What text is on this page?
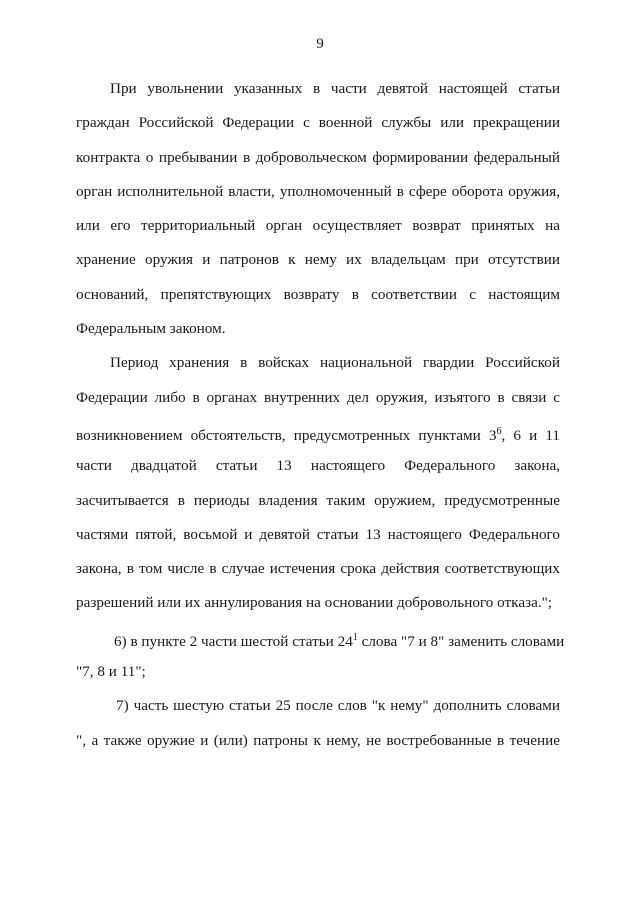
9
При увольнении указанных в части девятой настоящей статьи
граждан Российской Федерации с военной службы или прекращении
контракта о пребывании в добровольческом формировании федеральный
орган исполнительной власти, уполномоченный в сфере оборота оружия,
или его территориальный орган осуществляет возврат принятых на
хранение оружия и патронов к нему их владельцам при отсутствии
оснований, препятствующих возврату в соответствии с настоящим
Федеральным законом.
Период хранения в войсках национальной гвардии Российской
Федерации либо в органах внутренних дел оружия, изъятого в связи с
возникновением обстоятельств, предусмотренных пунктами $3^6$, 6 и 11
части двадцатой статьи 13 настоящего Федерального закона,
засчитывается в периоды владения таким оружием, предусмотренные
частями пятой, восьмой и девятой статьи 13 настоящего Федерального
закона, в том числе в случае истечения срока действия соответствующих
разрешений или их аннулирования на основании добровольного отказа.";
6) в пункте 2 части шестой статьи $24^1$ слова "7 и 8" заменить словами
"7, 8 и 11";
7) часть шестую статьи 25 после слов "к нему" дополнить словами
", а также оружие и (или) патроны к нему, не востребованные в течение
